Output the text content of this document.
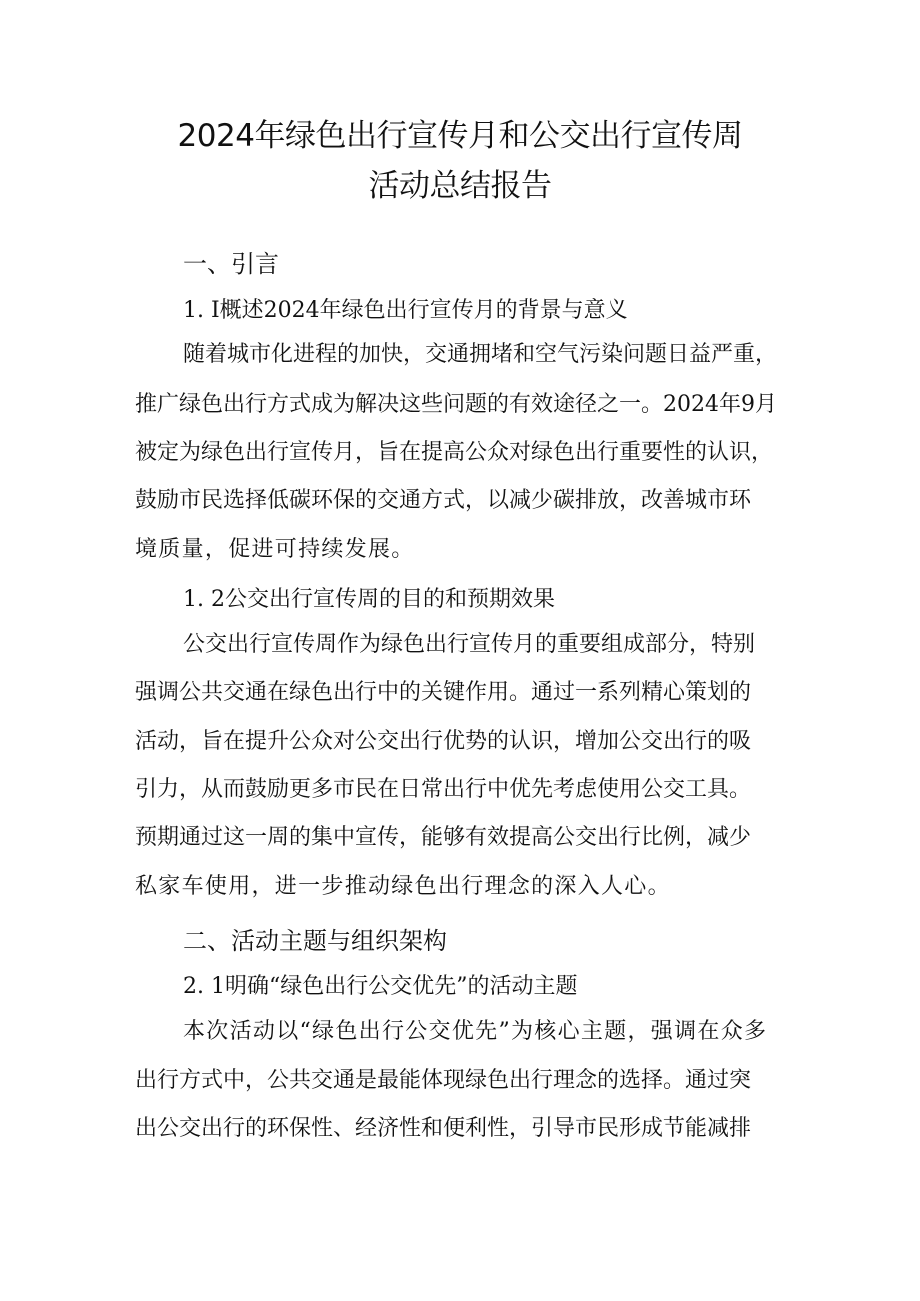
2024年绿色出行宣传月和公交出行宣传周
活动总结报告
一、引言
1. I概述2024年绿色出行宣传月的背景与意义
随着城市化进程的加快，交通拥堵和空气污染问题日益严重，
推广绿色出行方式成为解决这些问题的有效途径之一。2024年9月
被定为绿色出行宣传月，旨在提高公众对绿色出行重要性的认识，
鼓励市民选择低碳环保的交通方式，以减少碳排放，改善城市环
境质量，促进可持续发展。
1. 2公交出行宣传周的目的和预期效果
公交出行宣传周作为绿色出行宣传月的重要组成部分，特别
强调公共交通在绿色出行中的关键作用。通过一系列精心策划的
活动，旨在提升公众对公交出行优势的认识，增加公交出行的吸
引力，从而鼓励更多市民在日常出行中优先考虑使用公交工具。
预期通过这一周的集中宣传，能够有效提高公交出行比例，减少
私家车使用，进一步推动绿色出行理念的深入人心。
二、活动主题与组织架构
2. 1明确“绿色出行公交优先”的活动主题
本次活动以“绿色出行公交优先”为核心主题，强调在众多
出行方式中，公共交通是最能体现绿色出行理念的选择。通过突
出公交出行的环保性、经济性和便利性，引导市民形成节能减排
